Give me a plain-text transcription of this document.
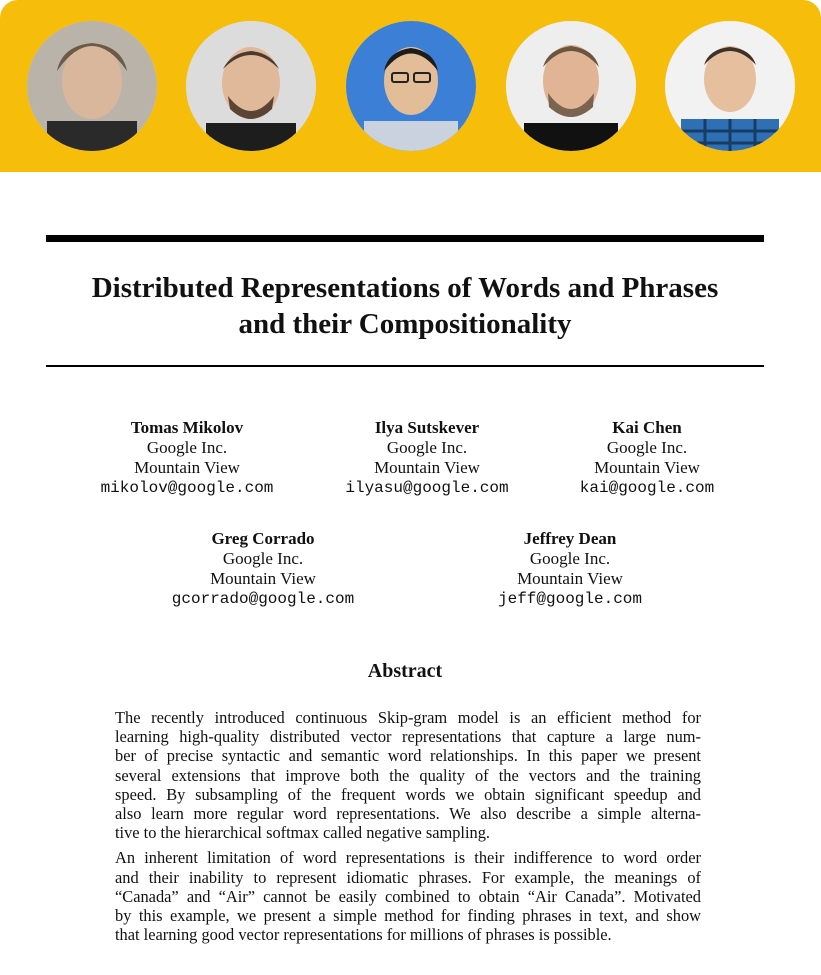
Distributed Representations of Words and Phrases
and their Compositionality
Tomas Mikolov
Google Inc.
Mountain View
mikolov@google.com
Ilya Sutskever
Google Inc.
Mountain View
ilyasu@google.com
Kai Chen
Google Inc.
Mountain View
kai@google.com
Greg Corrado
Google Inc.
Mountain View
gcorrado@google.com
Jeffrey Dean
Google Inc.
Mountain View
jeff@google.com
Abstract

The recently introduced continuous Skip-gram model is an efficient method for
learning high-quality distributed vector representations that capture a large num-
ber of precise syntactic and semantic word relationships. In this paper we present
several extensions that improve both the quality of the vectors and the training
speed. By subsampling of the frequent words we obtain significant speedup and
also learn more regular word representations. We also describe a simple alterna-
tive to the hierarchical softmax called negative sampling.

An inherent limitation of word representations is their indifference to word order
and their inability to represent idiomatic phrases. For example, the meanings of
“Canada” and “Air” cannot be easily combined to obtain “Air Canada”. Motivated
by this example, we present a simple method for finding phrases in text, and show
that learning good vector representations for millions of phrases is possible.
